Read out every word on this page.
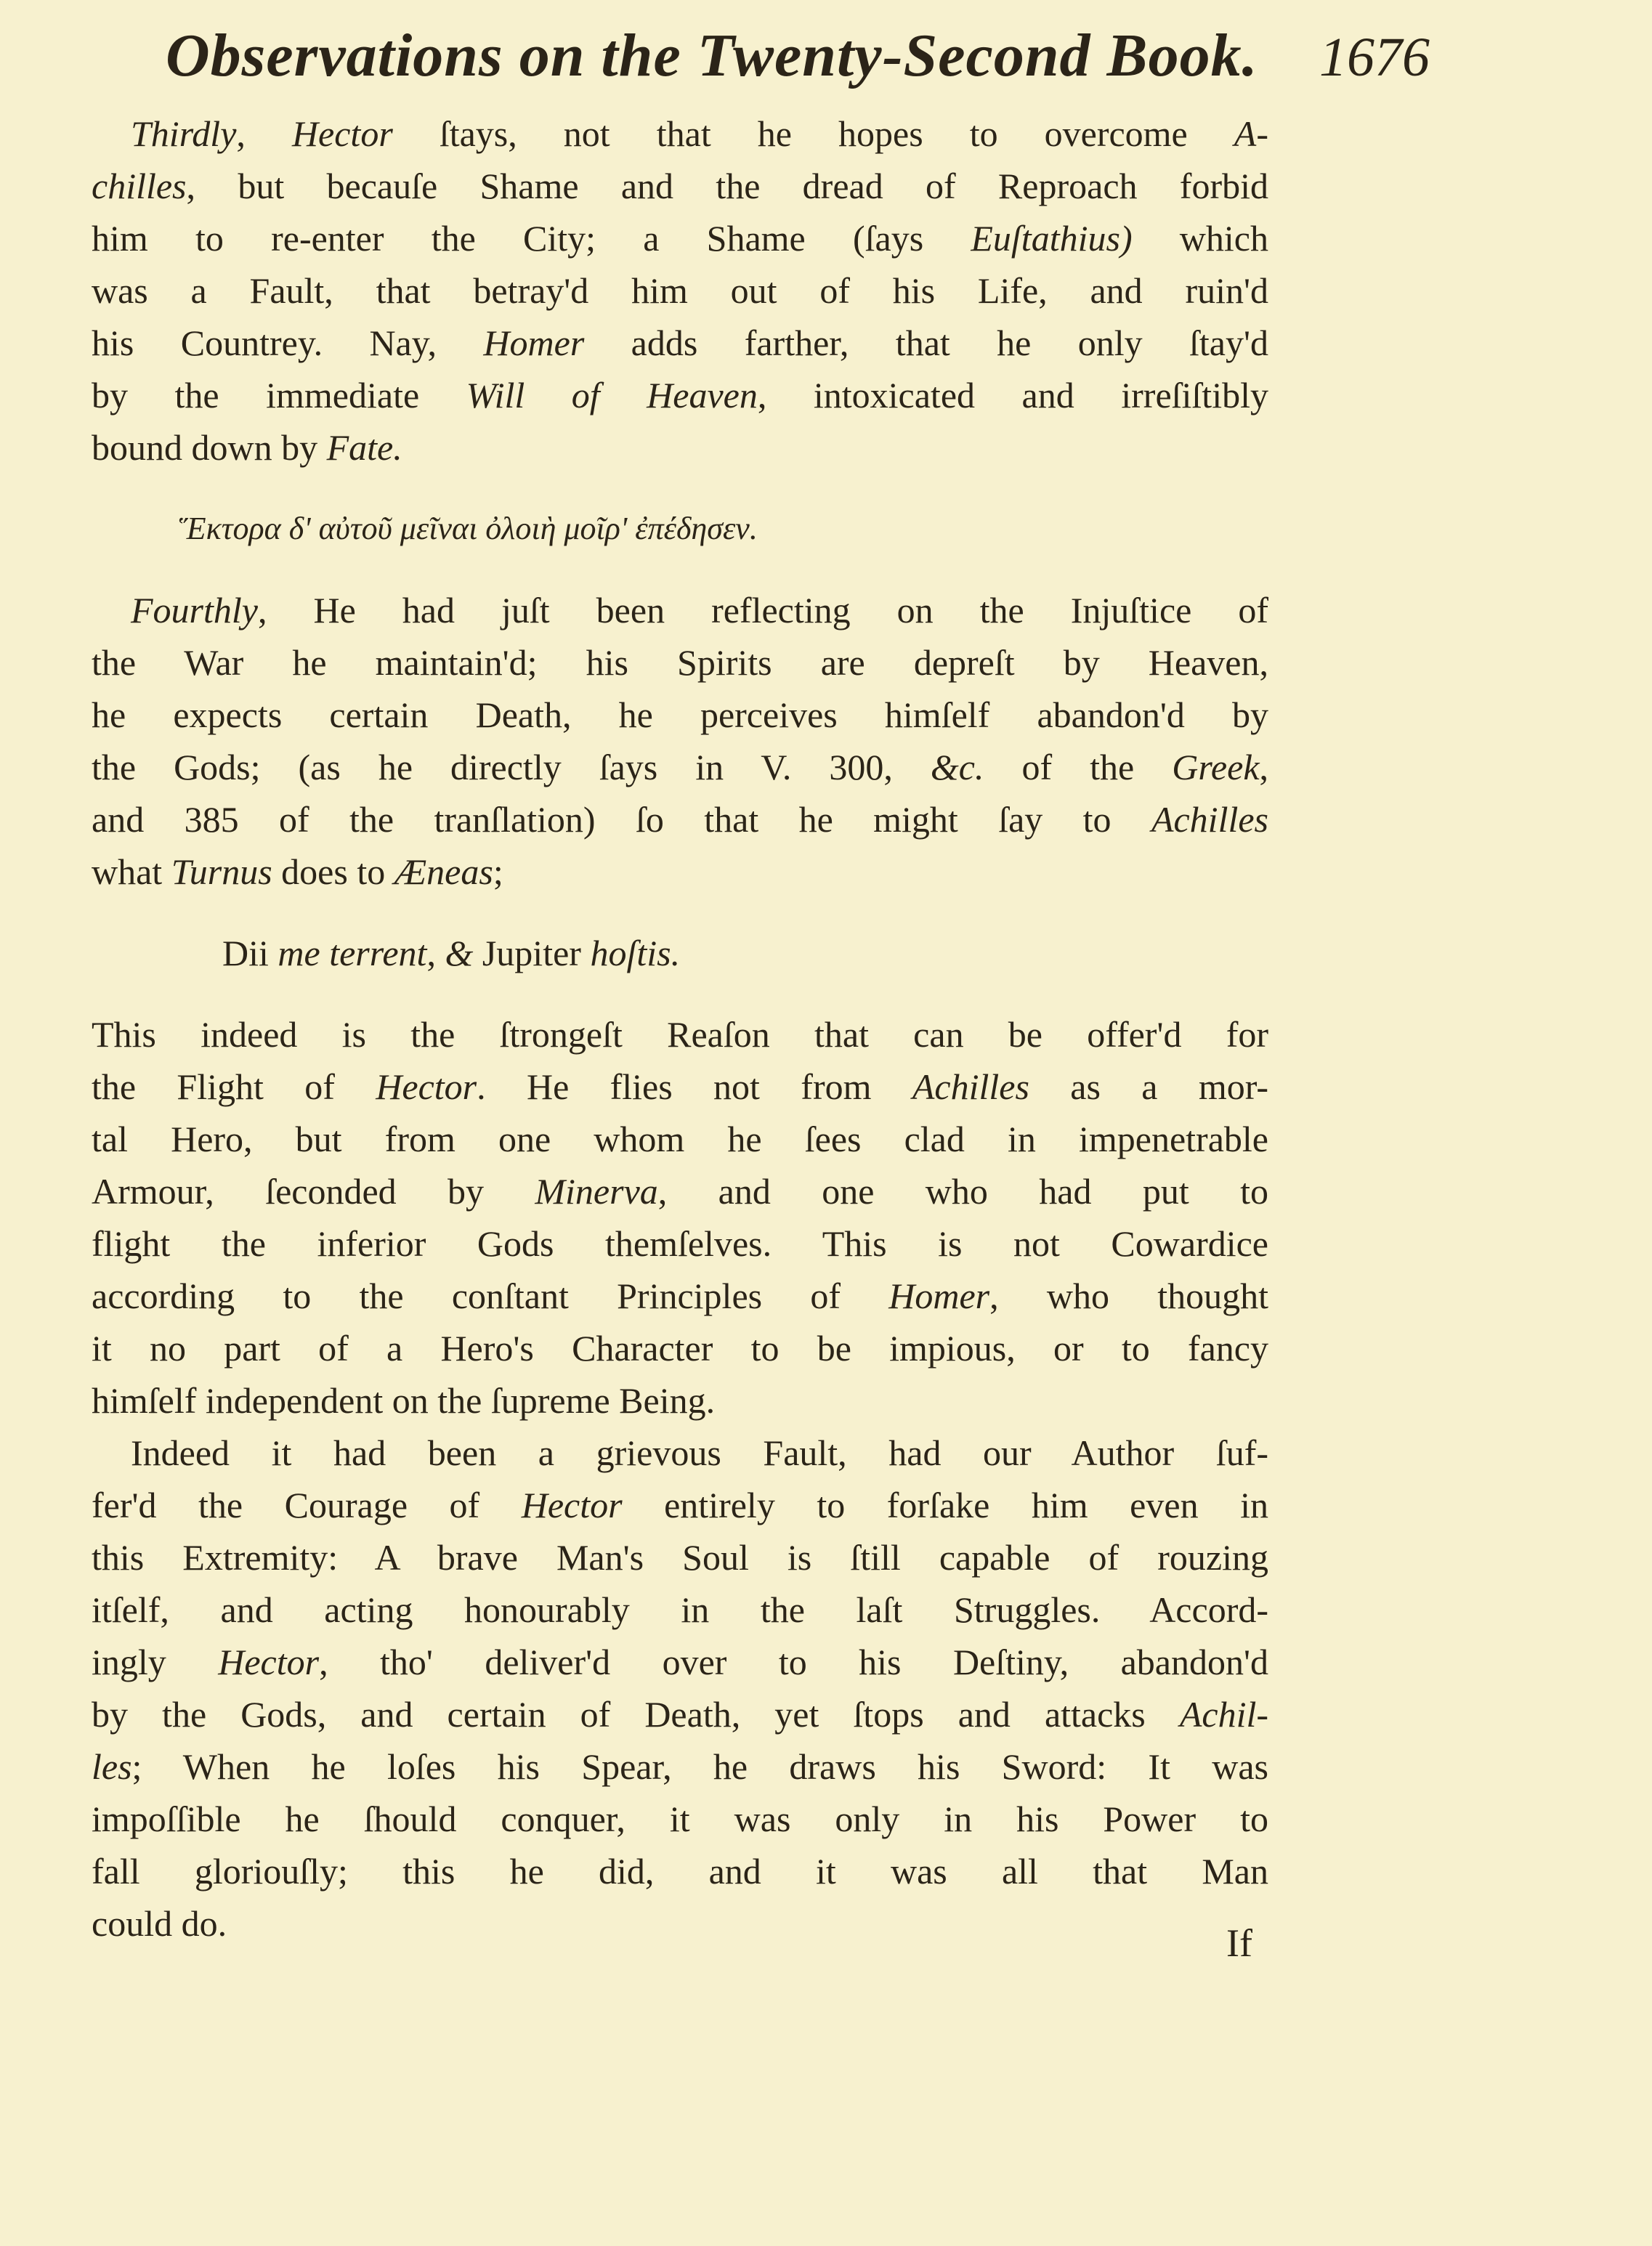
Observations on the Twenty-Second Book. 1676
Thirdly, Hector ſtays, not that he hopes to overcome A-
chilles, but becauſe Shame and the dread of Reproach forbid
him to re-enter the City; a Shame (ſays Euſtathius) which
was a Fault, that betray'd him out of his Life, and ruin'd
his Countrey. Nay, Homer adds farther, that he only ſtay'd
by the immediate Will of Heaven, intoxicated and irreſiſtibly
bound down by Fate.
Ἕκτορα δ' αὐτοῦ μεῖναι ὀλοιὴ μοῖρ' ἐπέδησεν.
Fourthly, He had juſt been reflecting on the Injuſtice of
the War he maintain'd; his Spirits are depreſt by Heaven,
he expects certain Death, he perceives himſelf abandon'd by
the Gods; (as he directly ſays in V. 300, &c. of the Greek,
and 385 of the tranſlation) ſo that he might ſay to Achilles
what Turnus does to Æneas;
Dii me terrent, & Jupiter hoſtis.
This indeed is the ſtrongeſt Reaſon that can be offer'd for
the Flight of Hector. He flies not from Achilles as a mor-
tal Hero, but from one whom he ſees clad in impenetrable
Armour, ſeconded by Minerva, and one who had put to
flight the inferior Gods themſelves. This is not Cowardice
according to the conſtant Principles of Homer, who thought
it no part of a Hero's Character to be impious, or to fancy
himſelf independent on the ſupreme Being.
Indeed it had been a grievous Fault, had our Author ſuf-
fer'd the Courage of Hector entirely to forſake him even in
this Extremity: A brave Man's Soul is ſtill capable of rouzing
itſelf, and acting honourably in the laſt Struggles. Accord-
ingly Hector, tho' deliver'd over to his Deſtiny, abandon'd
by the Gods, and certain of Death, yet ſtops and attacks Achil-
les; When he loſes his Spear, he draws his Sword: It was
impoſſible he ſhould conquer, it was only in his Power to
fall gloriouſly; this he did, and it was all that Man
could do.	If
